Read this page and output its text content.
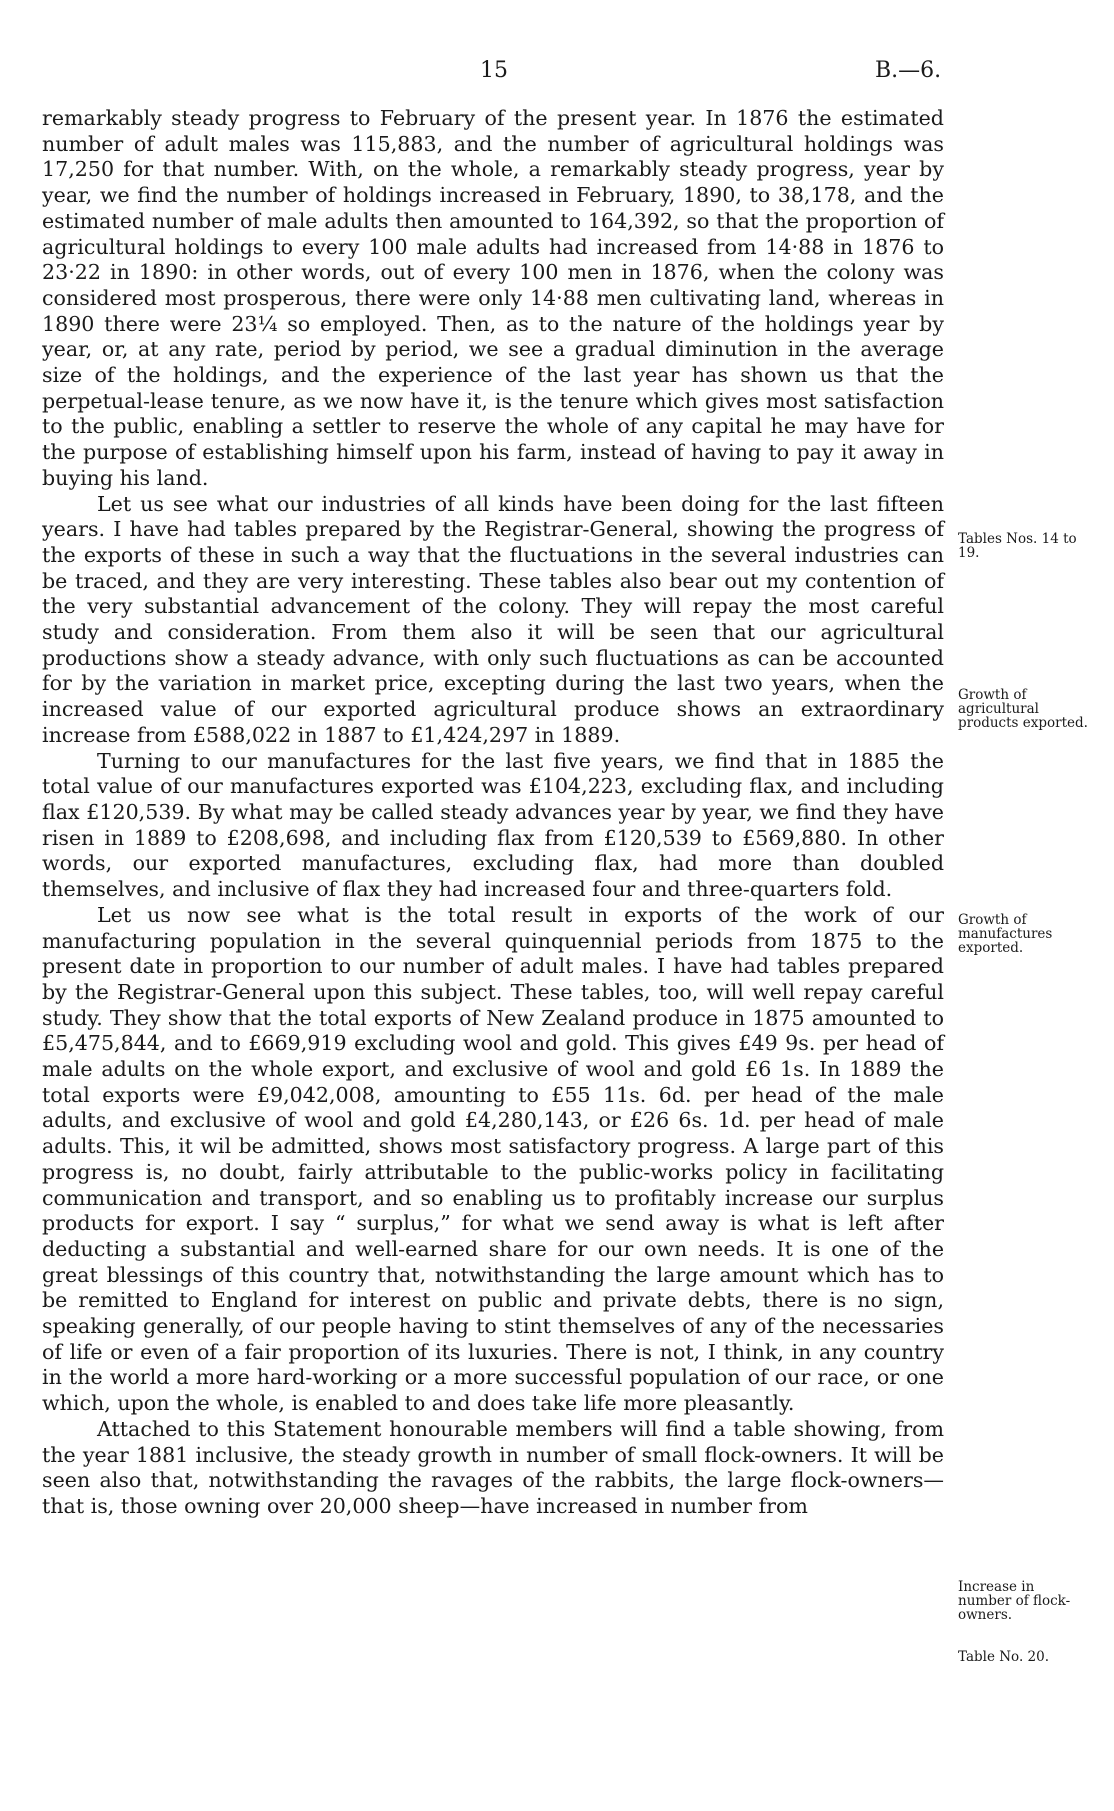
15	B.—6.

remarkably steady progress to February of the present year. In 1876 the estimated number of adult males was 115,883, and the number of agricultural holdings was 17,250 for that number. With, on the whole, a remarkably steady progress, year by year, we find the number of holdings increased in February, 1890, to 38,178, and the estimated number of male adults then amounted to 164,392, so that the proportion of agricultural holdings to every 100 male adults had increased from 14·88 in 1876 to 23·22 in 1890: in other words, out of every 100 men in 1876, when the colony was considered most prosperous, there were only 14·88 men cultivating land, whereas in 1890 there were 23¼ so employed. Then, as to the nature of the holdings year by year, or, at any rate, period by period, we see a gradual diminution in the average size of the holdings, and the experience of the last year has shown us that the perpetual-lease tenure, as we now have it, is the tenure which gives most satisfaction to the public, enabling a settler to reserve the whole of any capital he may have for the purpose of establishing himself upon his farm, instead of having to pay it away in buying his land.

Let us see what our industries of all kinds have been doing for the last fifteen years. I have had tables prepared by the Registrar-General, showing the progress of the exports of these in such a way that the fluctuations in the several industries can be traced, and they are very interesting. These tables also bear out my contention of the very substantial advancement of the colony. They will repay the most careful study and consideration. From them also it will be seen that our agricultural productions show a steady advance, with only such fluctuations as can be accounted for by the variation in market price, excepting during the last two years, when the increased value of our exported agricultural produce shows an extraordinary increase from £588,022 in 1887 to £1,424,297 in 1889.

Turning to our manufactures for the last five years, we find that in 1885 the total value of our manufactures exported was £104,223, excluding flax, and including flax £120,539. By what may be called steady advances year by year, we find they have risen in 1889 to £208,698, and including flax from £120,539 to £569,880. In other words, our exported manufactures, excluding flax, had more than doubled themselves, and inclusive of flax they had increased four and three-quarters fold.

Let us now see what is the total result in exports of the work of our manufacturing population in the several quinquennial periods from 1875 to the present date in proportion to our number of adult males. I have had tables prepared by the Registrar-General upon this subject. These tables, too, will well repay careful study. They show that the total exports of New Zealand produce in 1875 amounted to £5,475,844, and to £669,919 excluding wool and gold. This gives £49 9s. per head of male adults on the whole export, and exclusive of wool and gold £6 1s. In 1889 the total exports were £9,042,008, amounting to £55 11s. 6d. per head of the male adults, and exclusive of wool and gold £4,280,143, or £26 6s. 1d. per head of male adults. This, it wil be admitted, shows most satisfactory progress. A large part of this progress is, no doubt, fairly attributable to the public-works policy in facilitating communication and transport, and so enabling us to profitably increase our surplus products for export. I say “ surplus,” for what we send away is what is left after deducting a substantial and well-earned share for our own needs. It is one of the great blessings of this country that, notwithstanding the large amount which has to be remitted to England for interest on public and private debts, there is no sign, speaking generally, of our people having to stint themselves of any of the necessaries of life or even of a fair proportion of its luxuries. There is not, I think, in any country in the world a more hard-working or a more successful population of our race, or one which, upon the whole, is enabled to and does take life more pleasantly.

Attached to this Statement honourable members will find a table showing, from the year 1881 inclusive, the steady growth in number of small flock-owners. It will be seen also that, notwithstanding the ravages of the rabbits, the large flock-owners—that is, those owning over 20,000 sheep—have increased in number from

Tables Nos. 14 to 19.
Growth of agricultural products exported.
Growth of manufactures exported.
Increase in number of flock-owners.
Table No. 20.
